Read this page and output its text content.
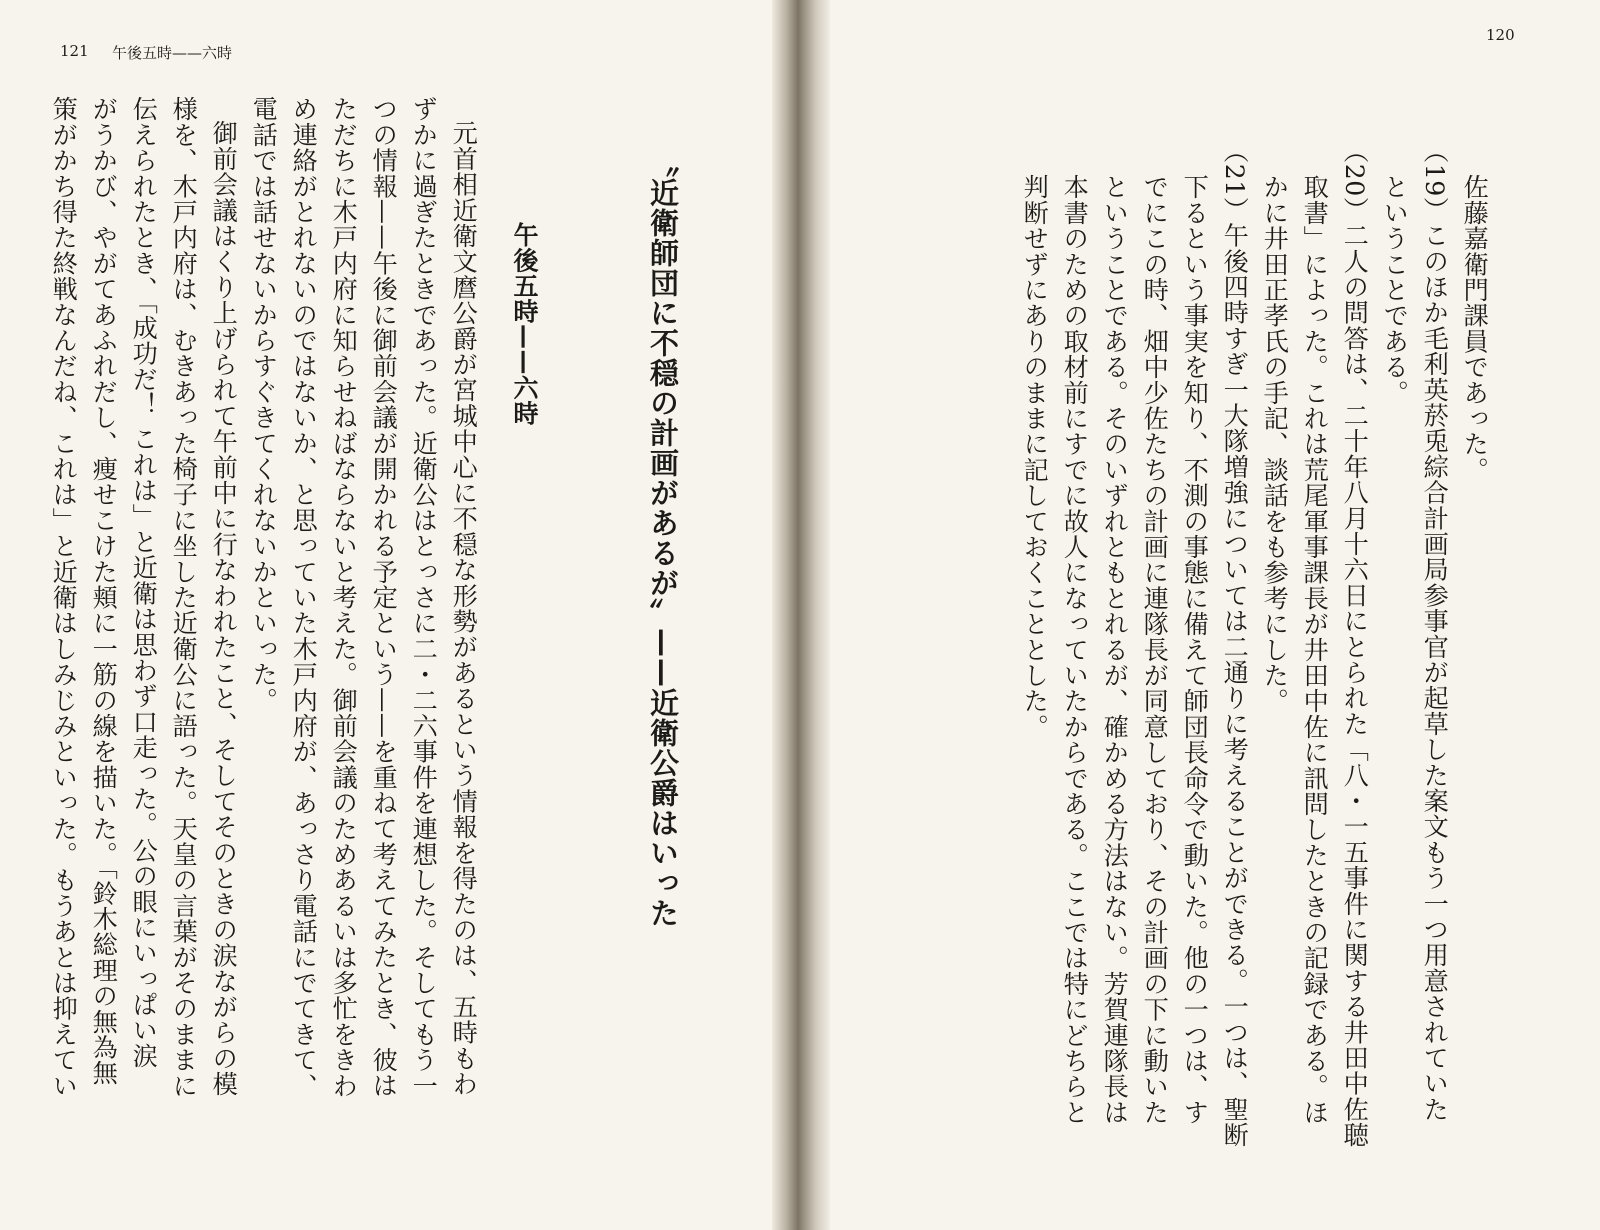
121 午後五時——六時
〝近衛師団に不穏の計画があるが〟——近衛公爵はいった
午後五時——六時
元首相近衛文麿公爵が宮城中心に不穏な形勢があるという情報を得たのは、五時もわ
ずかに過ぎたときであった。近衛公はとっさに二・二六事件を連想した。そしてもう一
つの情報——午後に御前会議が開かれる予定という——を重ねて考えてみたとき、彼は
ただちに木戸内府に知らせねばならないと考えた。御前会議のためあるいは多忙をきわ
め連絡がとれないのではないか、と思っていた木戸内府が、あっさり電話にでてきて、
電話では話せないからすぐきてくれないかといった。
御前会議はくり上げられて午前中に行なわれたこと、そしてそのときの涙ながらの模
様を、木戸内府は、むきあった椅子に坐した近衛公に語った。天皇の言葉がそのままに
伝えられたとき、「成功だ！ これは」と近衛は思わず口走った。公の眼にいっぱい涙
がうかび、やがてあふれだし、痩せこけた頬に一筋の線を描いた。「鈴木総理の無為無
策がかち得た終戦なんだね、これは」と近衛はしみじみといった。もうあとは抑えてい
120
佐藤嘉衛門課員であった。
（19）このほか毛利英菸兎綜合計画局参事官が起草した案文もう一つ用意されていた
ということである。
（20）二人の問答は、二十年八月十六日にとられた「八・一五事件に関する井田中佐聴
取書」によった。これは荒尾軍事課長が井田中佐に訊問したときの記録である。ほ
かに井田正孝氏の手記、談話をも参考にした。
（21）午後四時すぎ一大隊増強については二通りに考えることができる。一つは、聖断
下るという事実を知り、不測の事態に備えて師団長命令で動いた。他の一つは、す
でにこの時、畑中少佐たちの計画に連隊長が同意しており、その計画の下に動いた
ということである。そのいずれともとれるが、確かめる方法はない。芳賀連隊長は
本書のための取材前にすでに故人になっていたからである。ここでは特にどちらと
判断せずにありのままに記しておくこととした。
